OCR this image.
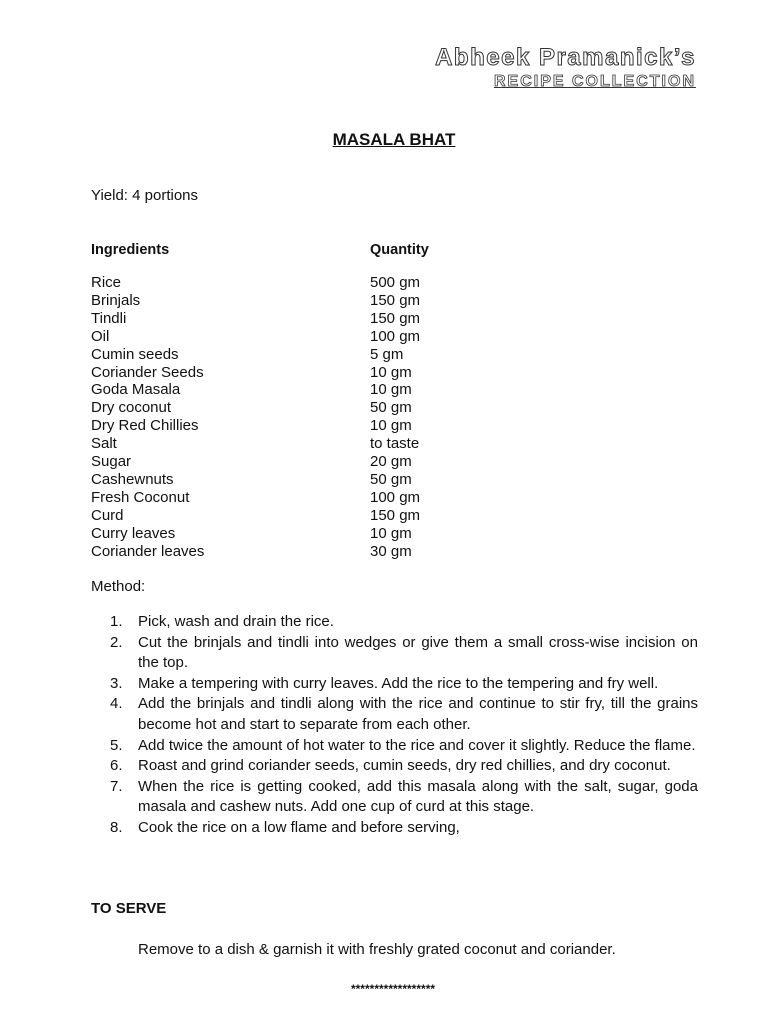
Abheek Pramanick’s
RECIPE COLLECTION
MASALA BHAT
Yield: 4 portions
Ingredients	Quantity
Rice	500 gm
Brinjals	150 gm
Tindli	150 gm
Oil	100 gm
Cumin seeds	5 gm
Coriander Seeds	10 gm
Goda Masala	10 gm
Dry coconut	50 gm
Dry Red Chillies	10 gm
Salt	to taste
Sugar	20 gm
Cashewnuts	50 gm
Fresh Coconut	100 gm
Curd	150 gm
Curry leaves	10 gm
Coriander leaves	30 gm
Method:
1.	Pick, wash and drain the rice.
2.	Cut the brinjals and tindli into wedges or give them a small cross-wise incision on the top.
3.	Make a tempering with curry leaves. Add the rice to the tempering and fry well.
4.	Add the brinjals and tindli along with the rice and continue to stir fry, till the grains become hot and start to separate from each other.
5.	Add twice the amount of hot water to the rice and cover it slightly. Reduce the flame.
6.	Roast and grind coriander seeds, cumin seeds, dry red chillies, and dry coconut.
7.	When the rice is getting cooked, add this masala along with the salt, sugar, goda masala and cashew nuts. Add one cup of curd at this stage.
8.	Cook the rice on a low flame and before serving,
TO SERVE
Remove to a dish & garnish it with freshly grated coconut and coriander.
******************
